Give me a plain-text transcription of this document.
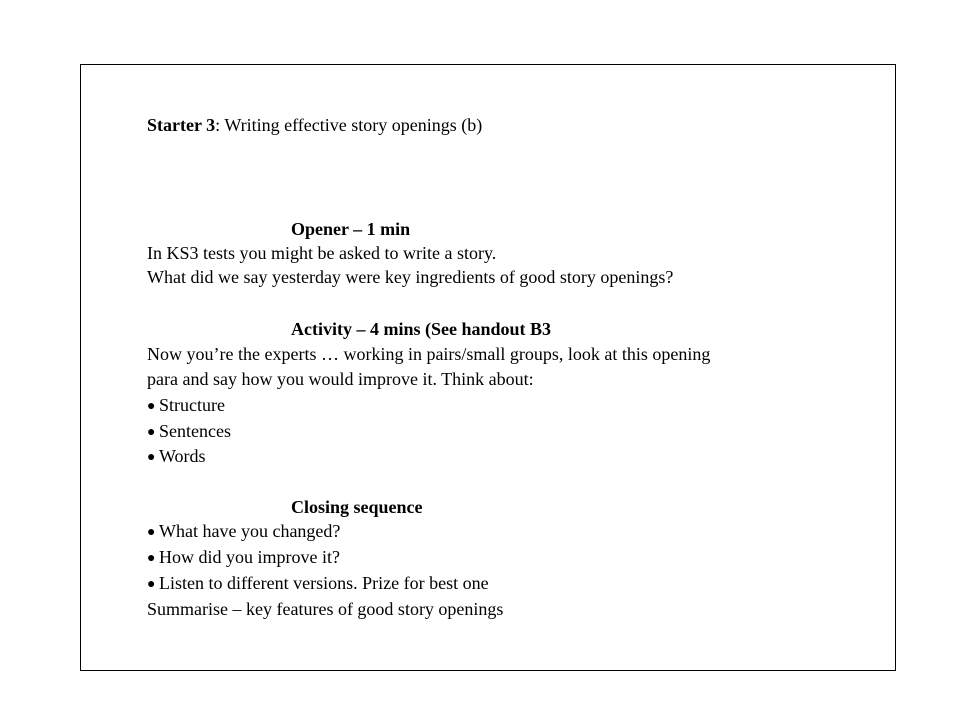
Starter 3: Writing effective story openings (b)
Opener – 1 min
In KS3 tests you might be asked to write a story.
What did we say yesterday were key ingredients of good story openings?
Activity – 4 mins (See handout B3
Now you’re the experts … working in pairs/small groups, look at this opening
para and say how you would improve it. Think about:
● Structure
● Sentences
● Words
Closing sequence
● What have you changed?
● How did you improve it?
● Listen to different versions. Prize for best one
Summarise – key features of good story openings
